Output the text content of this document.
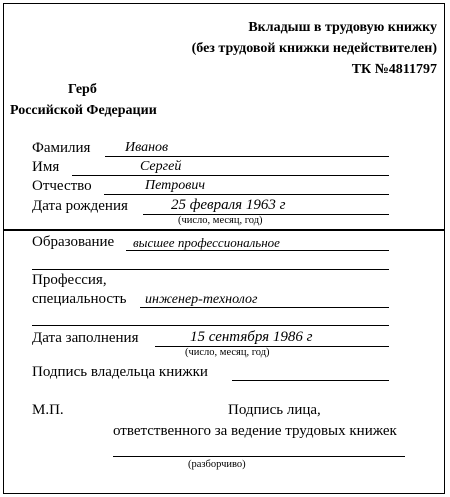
Вкладыш в трудовую книжку
(без трудовой книжки недействителен)
ТК №4811797
Герб
Российской Федерации
Фамилия Иванов
Имя	Сергей
Отчество	Петрович
Дата рождения	25 февраля 1963 г
(число, месяц, год)
Образование высшее профессиональное
Профессия,
специальность инженер-технолог
Дата заполнения	15 сентября 1986 г
(число, месяц, год)
Подпись владельца книжки
М.П.	Подпись лица,
ответственного за ведение трудовых книжек
(разборчиво)
